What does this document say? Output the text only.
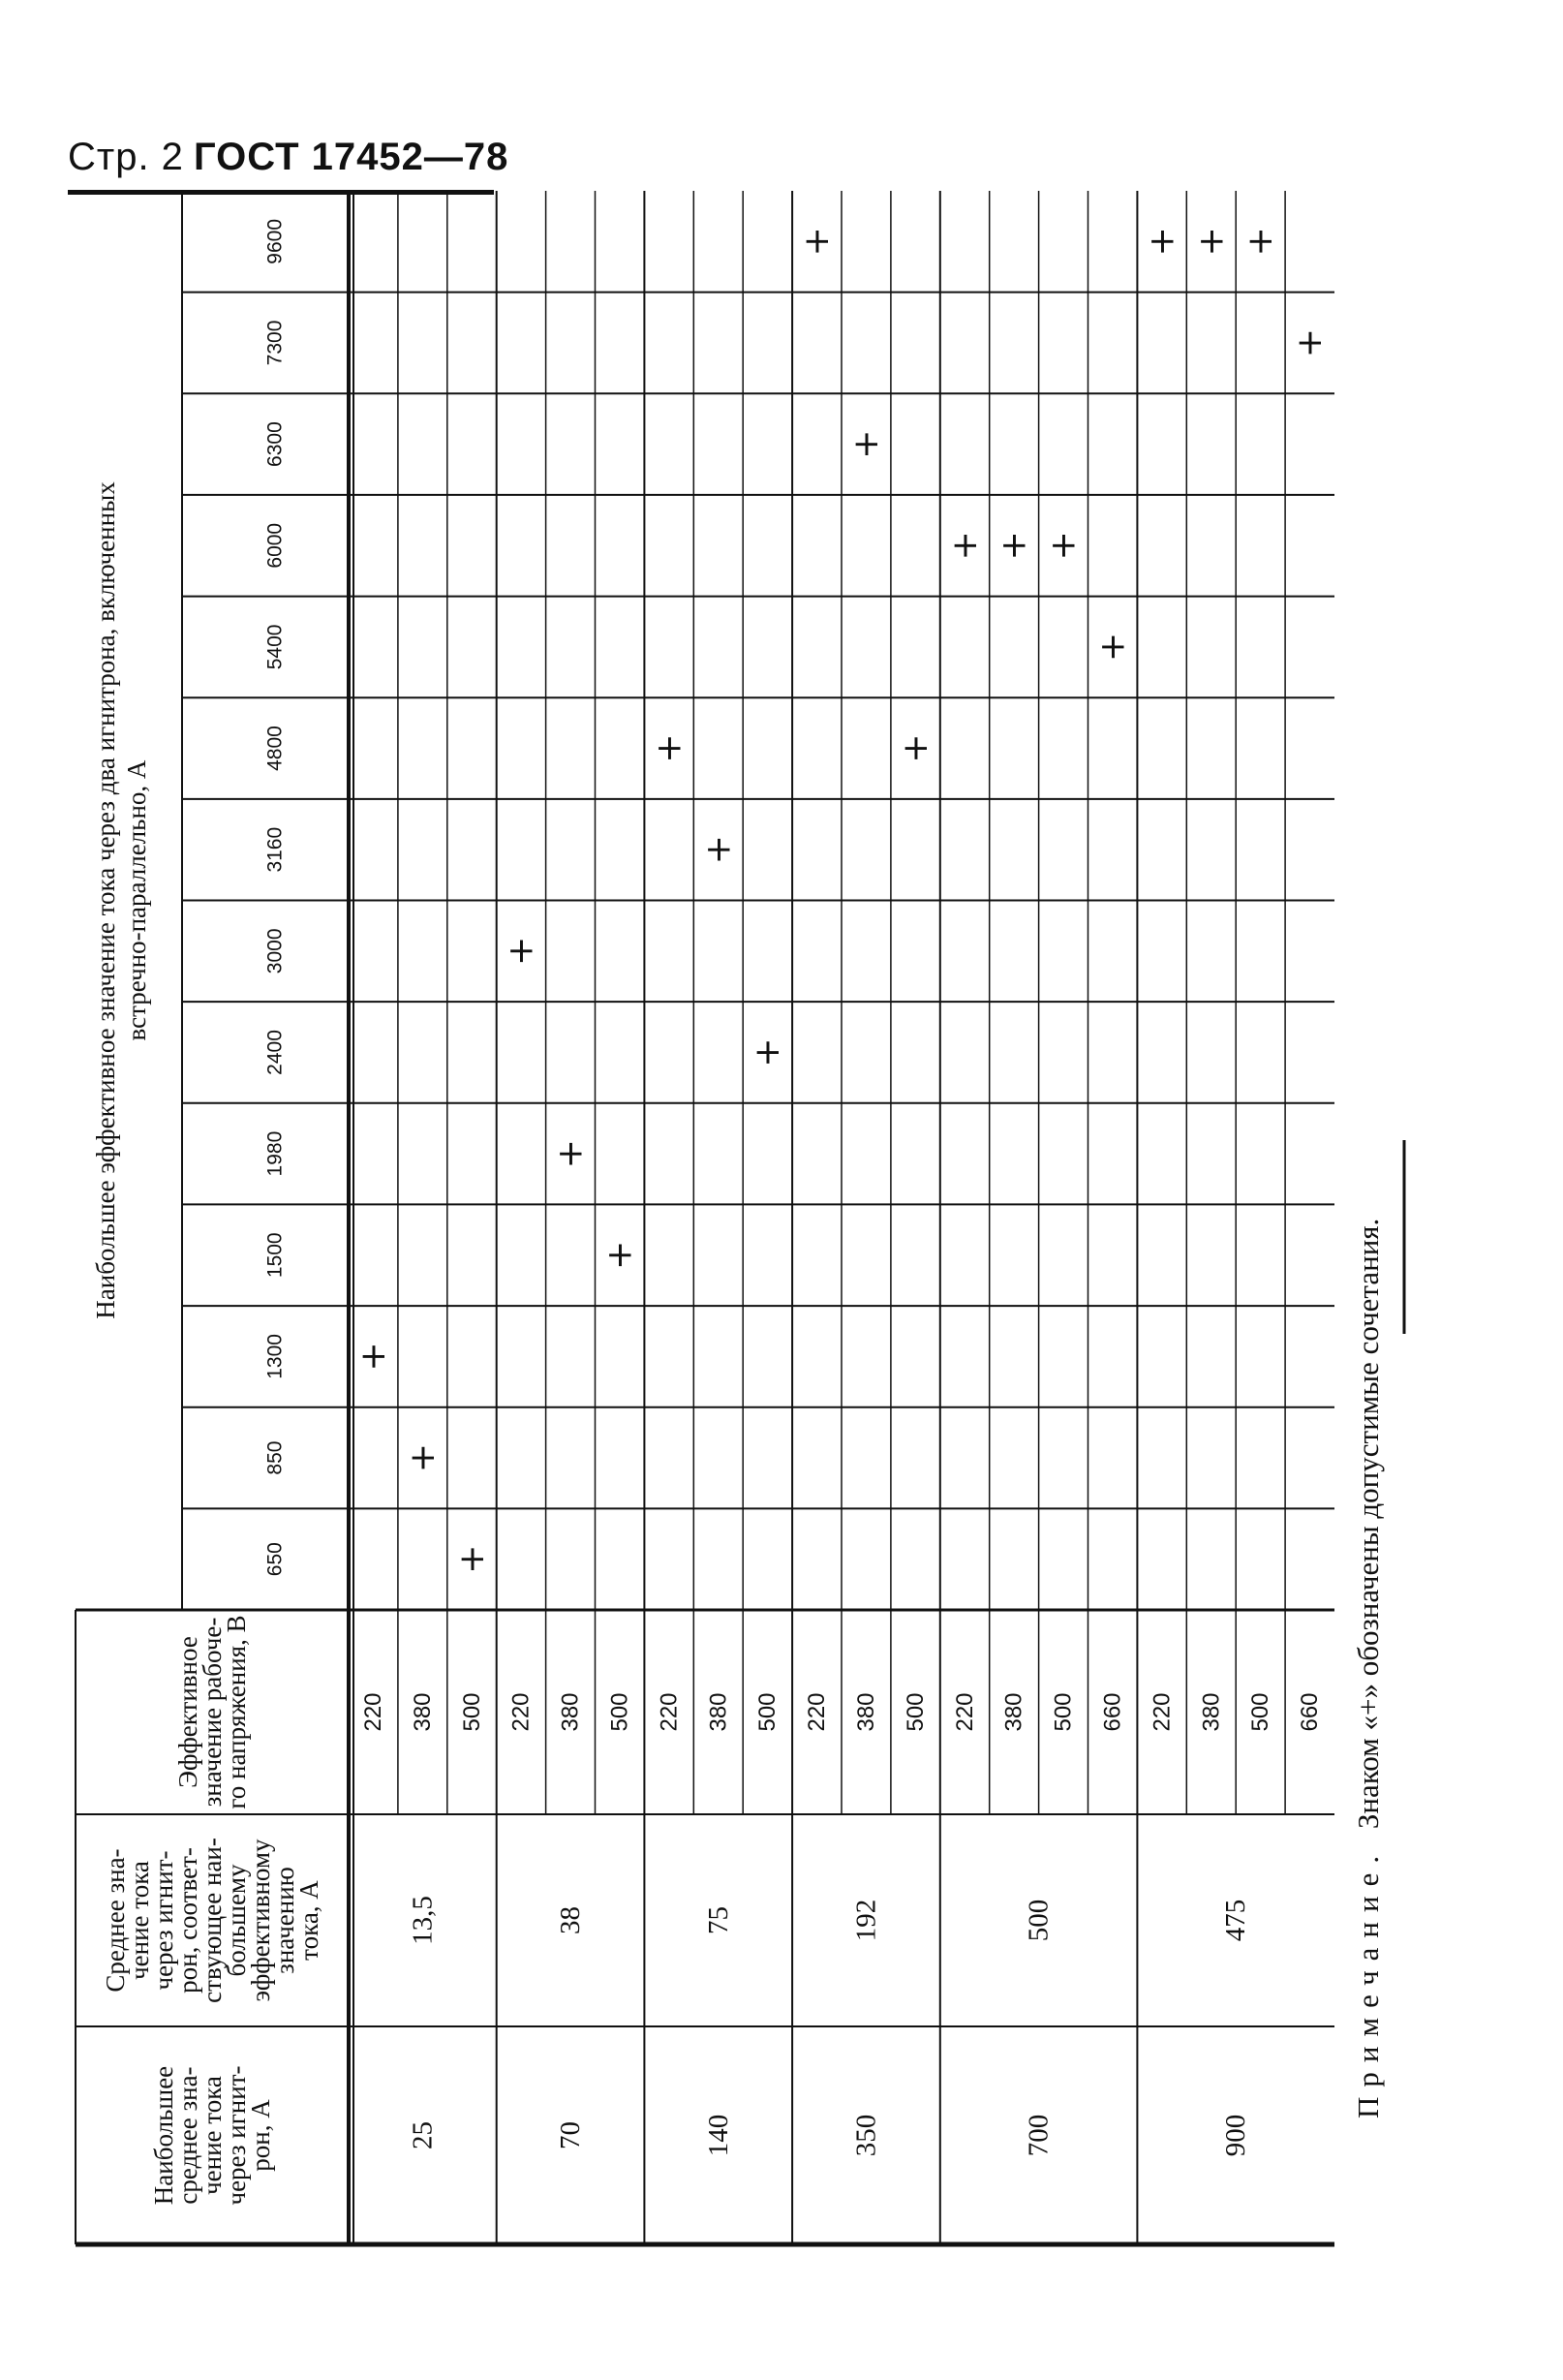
Стр. 2 ГОСТ 17452—78
Наибольшее
среднее зна-
чение тока
через игнит-
рон, А
Среднее зна-
чение тока
через игнит-
рон, соответ-
ствующее наи-
большему
эффективному
значению
тока, А
Эффективное
значение рабоче-
го напряжения, В
Наибольшее эффективное значение тока через два игнитрона, включенных встречно-параллельно, А
650
850
1300
1500
1980
2400
3000
3160
4800
5400
6000
6300
7300
9600
25
13,5
220 380 500
70
38
220 380 500
140
75
220 380 500
350
192
220 380 500
700
500
220 380 500 660
900
475
220 380 500 660
+
+
+
+
+
+
+
+
+
+
+
+
+ + +
+
+ + +
+
Примечание. Знаком «+» обозначены допустимые сочетания.
